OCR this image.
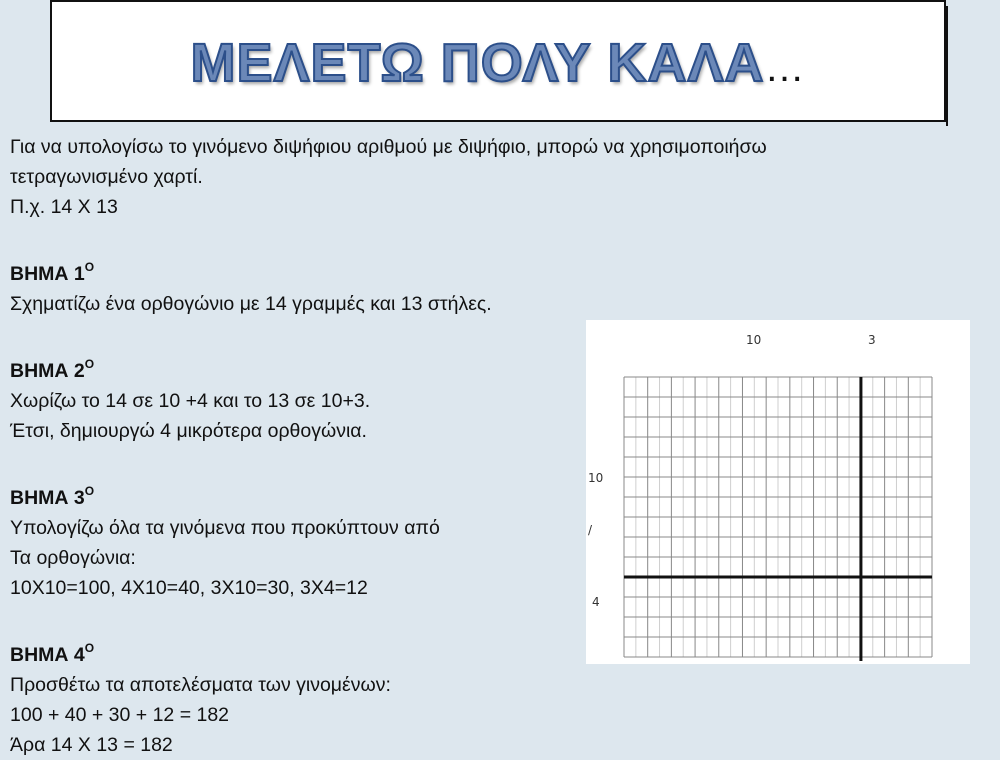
ΜΕΛΕΤΩ ΠΟΛΥ ΚΑΛΑ…

Για να υπολογίσω το γινόμενο διψήφιου αριθμού με διψήφιο, μπορώ να χρησιμοποιήσω

τετραγωνισμένο χαρτί.

Π.χ. 14 Χ 13

ΒΗΜΑ $1^O$

Σχηματίζω ένα ορθογώνιο με 14 γραμμές και 13 στήλες.

ΒΗΜΑ $2^O$

Χωρίζω το 14 σε 10 +4 και το 13 σε 10+3.

Έτσι, δημιουργώ 4 μικρότερα ορθογώνια.

ΒΗΜΑ $3^O$

Υπολογίζω όλα τα γινόμενα που προκύπτουν από

Τα ορθογώνια:

10Χ10=100, 4Χ10=40, 3Χ10=30, 3Χ4=12

ΒΗΜΑ $4^O$

Προσθέτω τα αποτελέσματα των γινομένων:

100 + 40 + 30 + 12 = 182

Άρα 14 Χ 13 = 182

10	3
10
/
4
